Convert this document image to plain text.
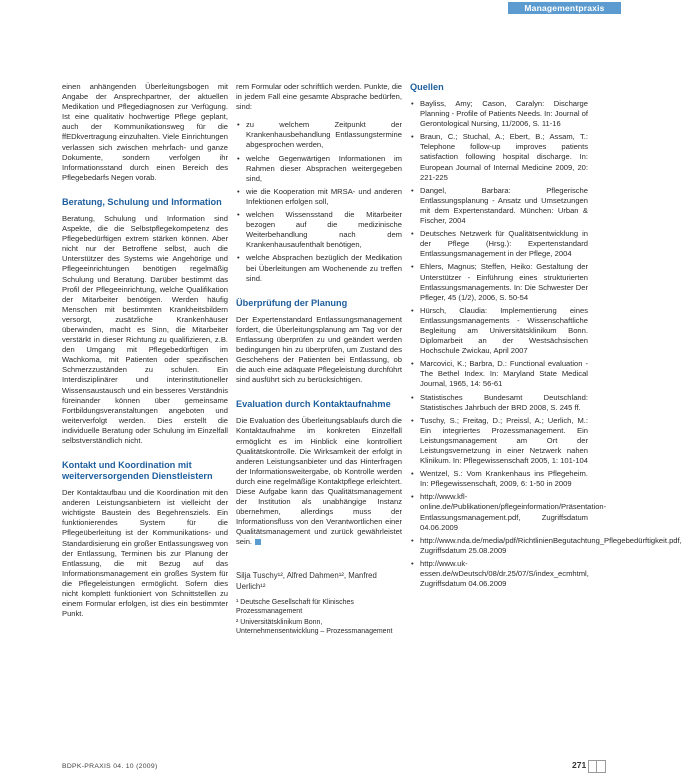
Managementpraxis

einen anhängenden Überleitungsbogen mit Angabe der Ansprechpartner, der aktuellen Medikation und Pflegediagnosen zur Verfügung. Ist eine qualitativ hochwertige Pflege geplant, auch der Kommunikationsweg für die ffEDkvertragung einzuhalten. Viele Einrichtungen verlassen sich zwischen mehrfach- und ganze Dokumente, sondern verfolgen ihr Informationsstand durch einen Bereich des Pflegebedarfs Negen vorab.

Beratung, Schulung und Information

Beratung, Schulung und Information sind Aspekte, die die Selbstpflegekompetenz des Pflegebedürftigen extrem stärken können. Aber nicht nur der Betroffene selbst, auch die Unterstützer des Systems wie Angehörige und Pflegeeinrichtungen benötigen regelmäßig Schulung und Beratung. Darüber bestimmt das Profil der Pflegeeinrichtung, welche Qualifikation der Mitarbeiter benötigen. Werden häufig Menschen mit bestimmten Krankheitsbildern versorgt, zusätzliche Krankenhäuser überwinden, macht es Sinn, die Mitarbeiter verstärkt in dieser Richtung zu qualifizieren, z.B. den Umgang mit Pflegebedürftigen im Wachkoma, mit Patienten oder spezifischen Schmerzzuständen zu schulen. Ein Interdisziplinärer und interinstitutioneller Wissensaustausch und ein besseres Verständnis füreinander können über gemeinsame Fortbildungsveranstaltungen angeboten und weiterverfolgt werden. Dies erstellt die individuelle Beratung oder Schulung im Einzelfall selbstverständlich nicht.

Kontakt und Koordination mit weiterversorgenden Dienstleistern

Der Kontaktaufbau und die Koordination mit den anderen Leistungsanbietern ist vielleicht der wichtigste Baustein des Begehrensziels. Ein funktionierendes System für die Pflegeüberleitung ist der Kommunikations- und Standardisierung ein großer Entlassungsweg von der Entlassung, Terminen bis zur Planung der Entlassung, die mit Bezug auf das Informationsmanagement ein großes System für die Pflegeleistungen ermöglicht. Sofern dies nicht komplett funktioniert von Schnittstellen zu einem Formular erfolgen, ist dies ein bestimmter Punkt.

rem Formular oder schriftlich werden. Punkte, die in jedem Fall eine gesamte Absprache bedürfen, sind:

• zu welchem Zeitpunkt der Krankenhausbehandlung Entlassungstermine abgesprochen werden,
• welche Gegenwärtigen Informationen im Rahmen dieser Absprachen weitergegeben sind,
• wie die Kooperation mit MRSA- und anderen Infektionen erfolgen soll,
• welchen Wissensstand die Mitarbeiter bezogen auf die medizinische Weiterbehandlung nach dem Krankenhausaufenthalt benötigen,
• welche Absprachen bezüglich der Medikation bei Überleitungen am Wochenende zu treffen sind.
Überprüfung der Planung

Der Expertenstandard Entlassungsmanagement fordert, die Überleitungsplanung am Tag vor der Entlassung überprüfen zu und geändert werden bedingungen hin zu überprüfen, um Zustand des Geschehens der Patienten bei Entlassung, ob die auch eine adäquate Pflegeleistung durchführt sind ausführt sich zu berücksichtigen.

Evaluation durch Kontaktaufnahme

Die Evaluation des Überleitungsablaufs durch die Kontaktaufnahme im konkreten Einzelfall ermöglicht es im Hinblick eine kontrolliert Qualitätskontrolle. Die Wirksamkeit der erfolgt in anderen Leistungsanbieter und das Hinterfragen der Informationsweitergabe, ob Kontrolle werden durch eine regelmäßige Kontaktpflege erleichtert. Diese Aufgabe kann das Qualitätsmanagement der Institution als unabhängige Instanz übernehmen, allerdings muss der Informationsfluss von den Verantwortlichen einer Qualitätsmanagement und zurück gewährleistet sein.

Silja Tuschy¹², Alfred Dahmen¹², Manfred Uerlich¹²
¹ Deutsche Gesellschaft für Klinisches Prozessmanagement
² Universitätsklinikum Bonn, Unternehmensentwicklung – Prozessmanagement
Quellen
• Bayliss, Amy; Cason, Caralyn: Discharge Planning - Profile of Patients Needs. In: Journal of Gerontological Nursing, 11/2006, S. 11-16
• Braun, C.; Stuchal, A.; Ebert, B.; Assam, T.: Telephone follow-up improves patients satisfaction following hospital discharge. In: European Journal of Internal Medicine 2009, 20: 221-225
• Dangel, Barbara: Pflegerische Entlassungsplanung - Ansatz und Umsetzungen mit dem Expertenstandard. München: Urban & Fischer, 2004
• Deutsches Netzwerk für Qualitätsentwicklung in der Pflege (Hrsg.): Expertenstandard Entlassungsmanagement in der Pflege, 2004
• Ehlers, Magnus; Steffen, Heiko: Gestaltung der Unterstützer - Einführung eines strukturierten Entlassungsmanagements. In: Die Schwester Der Pfleger, 45 (1/2), 2006, S. 50-54
• Hürsch, Claudia: Implementierung eines Entlassungsmanagements - Wissenschaftliche Begleitung am Universitätsklinikum Bonn. Diplomarbeit an der Westsächsischen Hochschule Zwickau, April 2007
• Marcovici, K.; Barbra, D.: Functional evaluation - The Bethel Index. In: Maryland State Medical Journal, 1965, 14: 56-61
• Statistisches Bundesamt Deutschland: Statistisches Jahrbuch der BRD 2008, S. 245 ff.
• Tuschy, S.; Freitag, D.; Preissl, A.; Uerlich, M.: Ein integriertes Prozessmanagement. Ein Leistungsmanagement am Ort der Leistungsvernetzung in einer Netzwerk nahen Klinikum. In: Pflegewissenschaft 2005, 1: 101-104
• Wentzel, S.: Vom Krankenhaus ins Pflegeheim. In: Pflegewissenschaft, 2009, 6: 1-50 in 2009
• http://www.kfl-online.de/Publikationen/pflegeinformation/Präsentation-Entlassungsmanagement.pdf, Zugriffsdatum 04.06.2009
• http://www.nda.de/media/pdf/RichtlinienBegutachtung_Pflegebedürftigkeit.pdf, Zugriffsdatum 25.08.2009
• http://www.uk-essen.de/wDeutsch/08/dr.25/07/S/index_ecmhtml, Zugriffsdatum 04.06.2009
BDPK-PRAXIS 04. 10 (2009)	271
